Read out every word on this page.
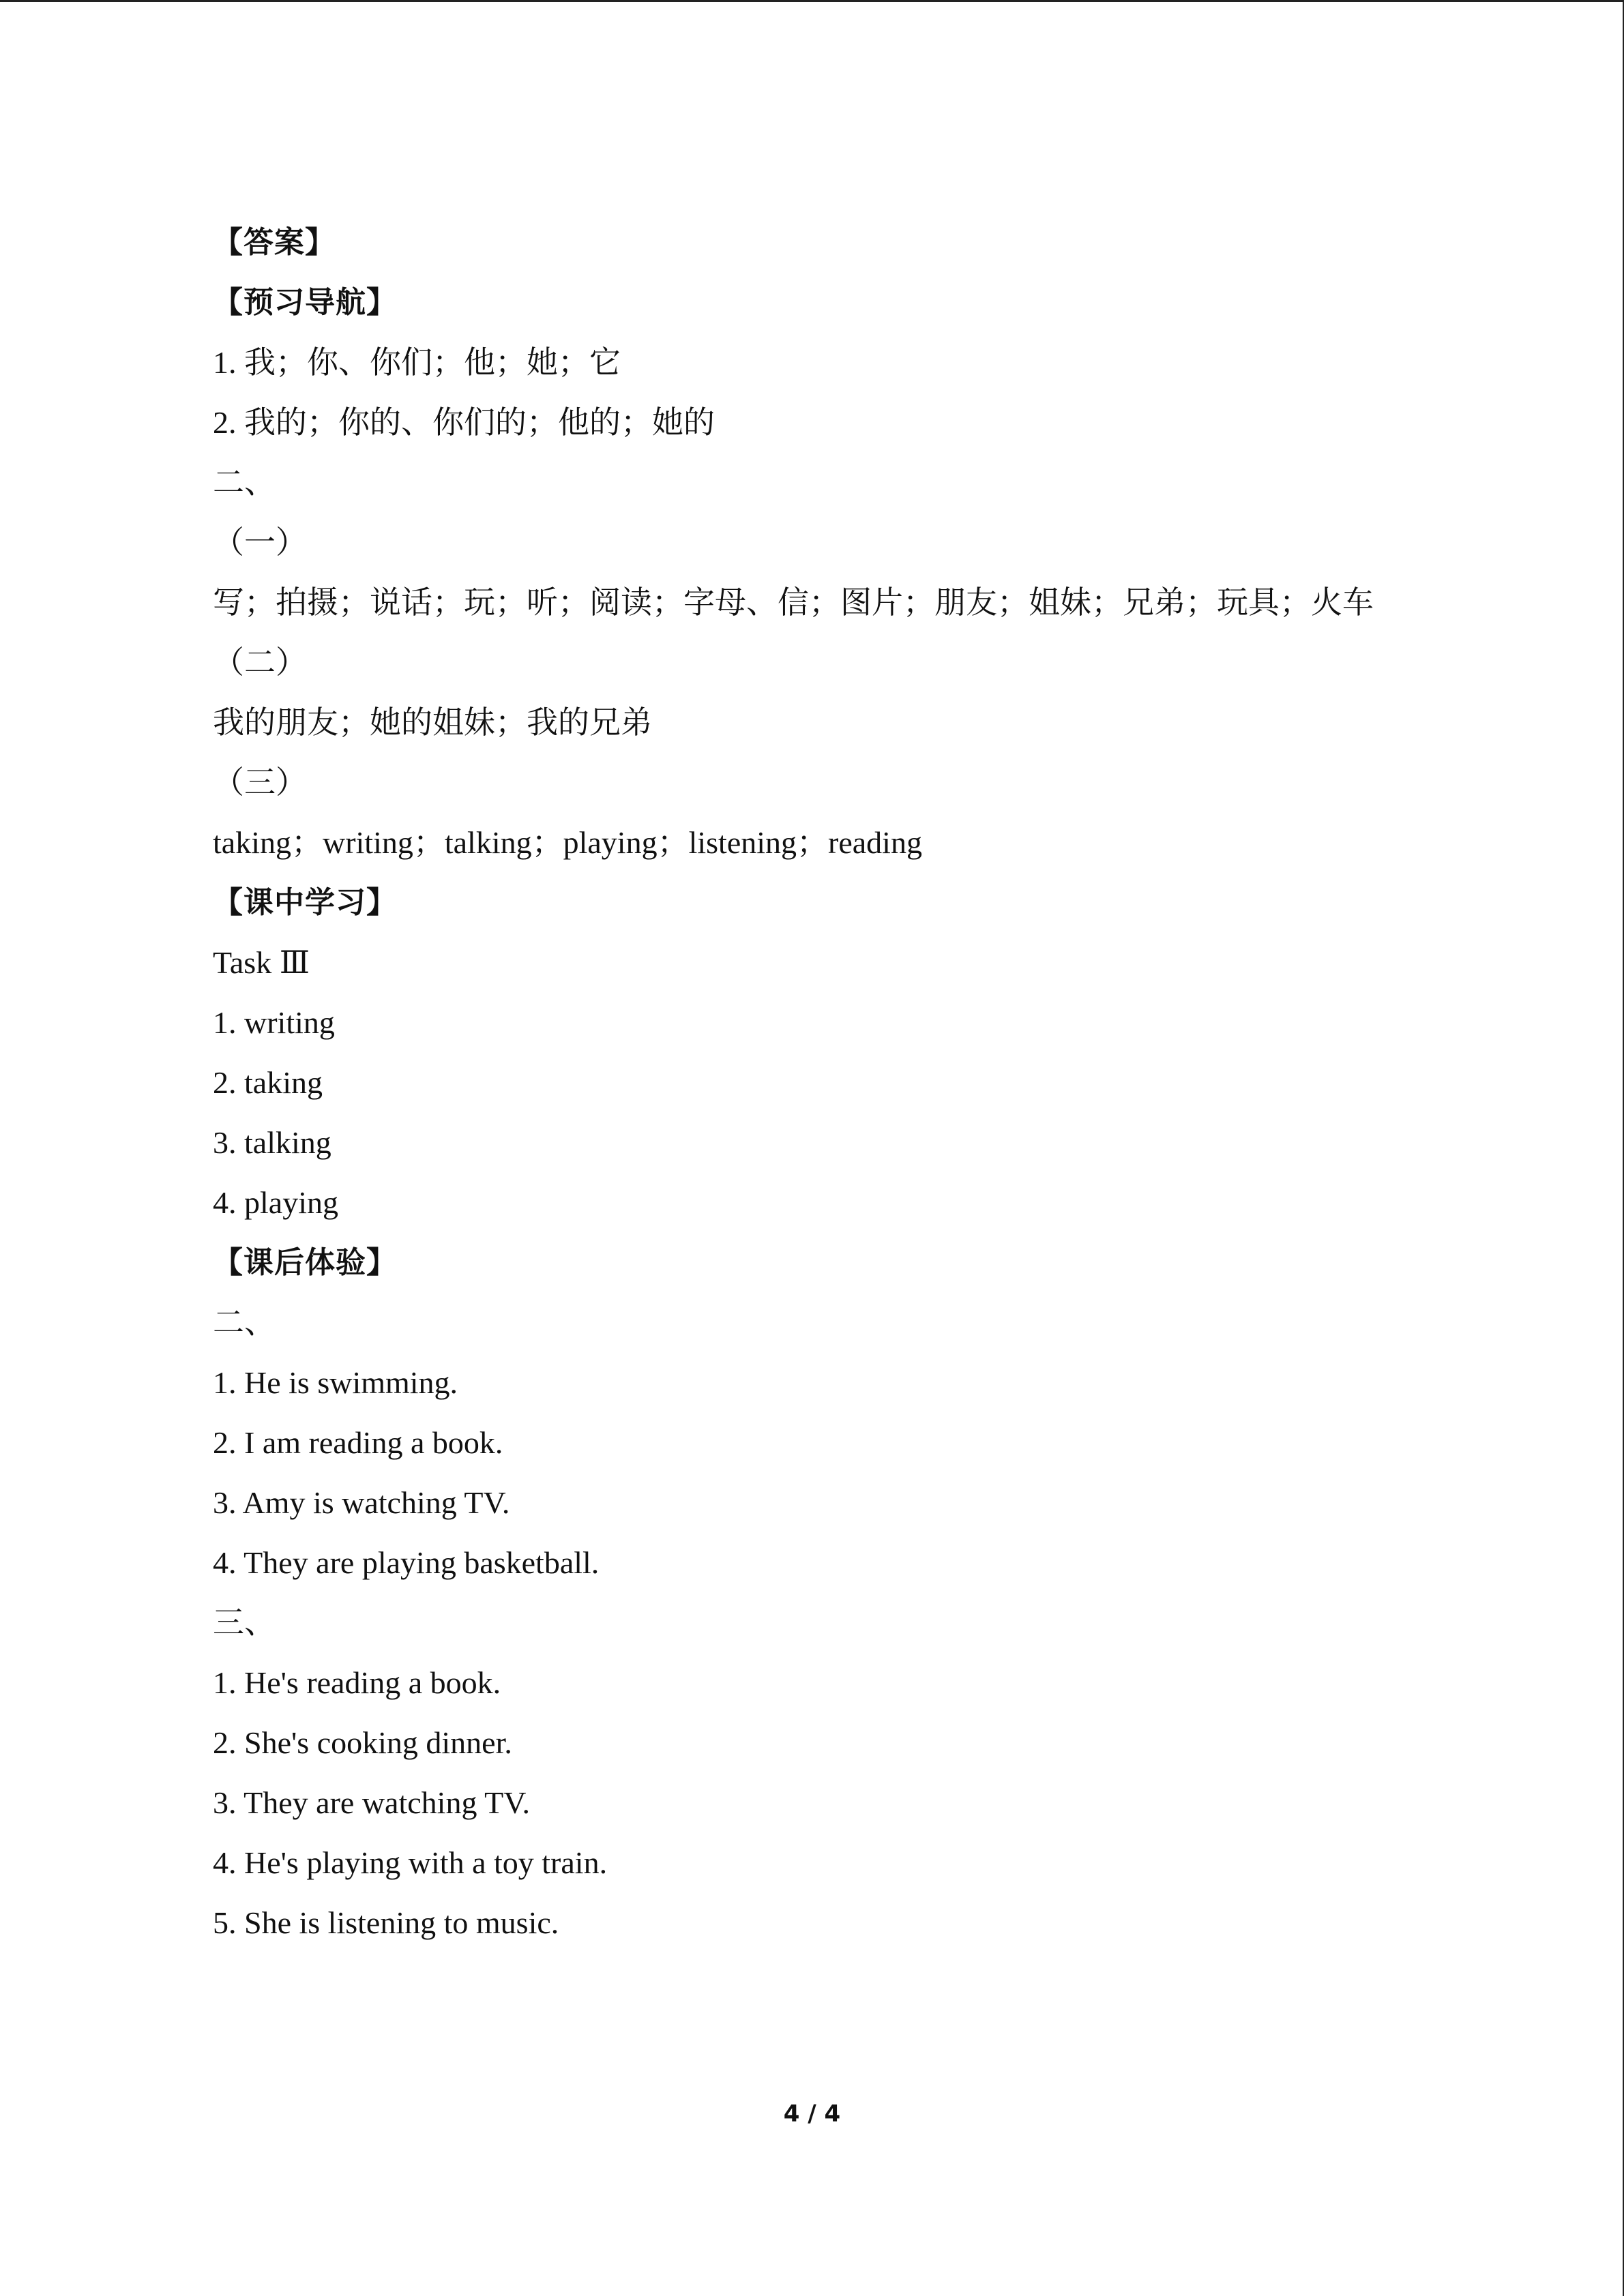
【答案】
【预习导航】
1. 我；你、你们；他；她；它
2. 我的；你的、你们的；他的；她的
二、
（一）
写；拍摄；说话；玩；听；阅读；字母、信；图片；朋友；姐妹；兄弟；玩具；火车
（二）
我的朋友；她的姐妹；我的兄弟
（三）
taking；writing；talking；playing；listening；reading
【课中学习】
Task Ⅲ
1. writing
2. taking
3. talking
4. playing
【课后体验】
二、
1. He is swimming.
2. I am reading a book.
3. Amy is watching TV.
4. They are playing basketball.
三、
1. He's reading a book.
2. She's cooking dinner.
3. They are watching TV.
4. He's playing with a toy train.
5. She is listening to music.
4 / 4
